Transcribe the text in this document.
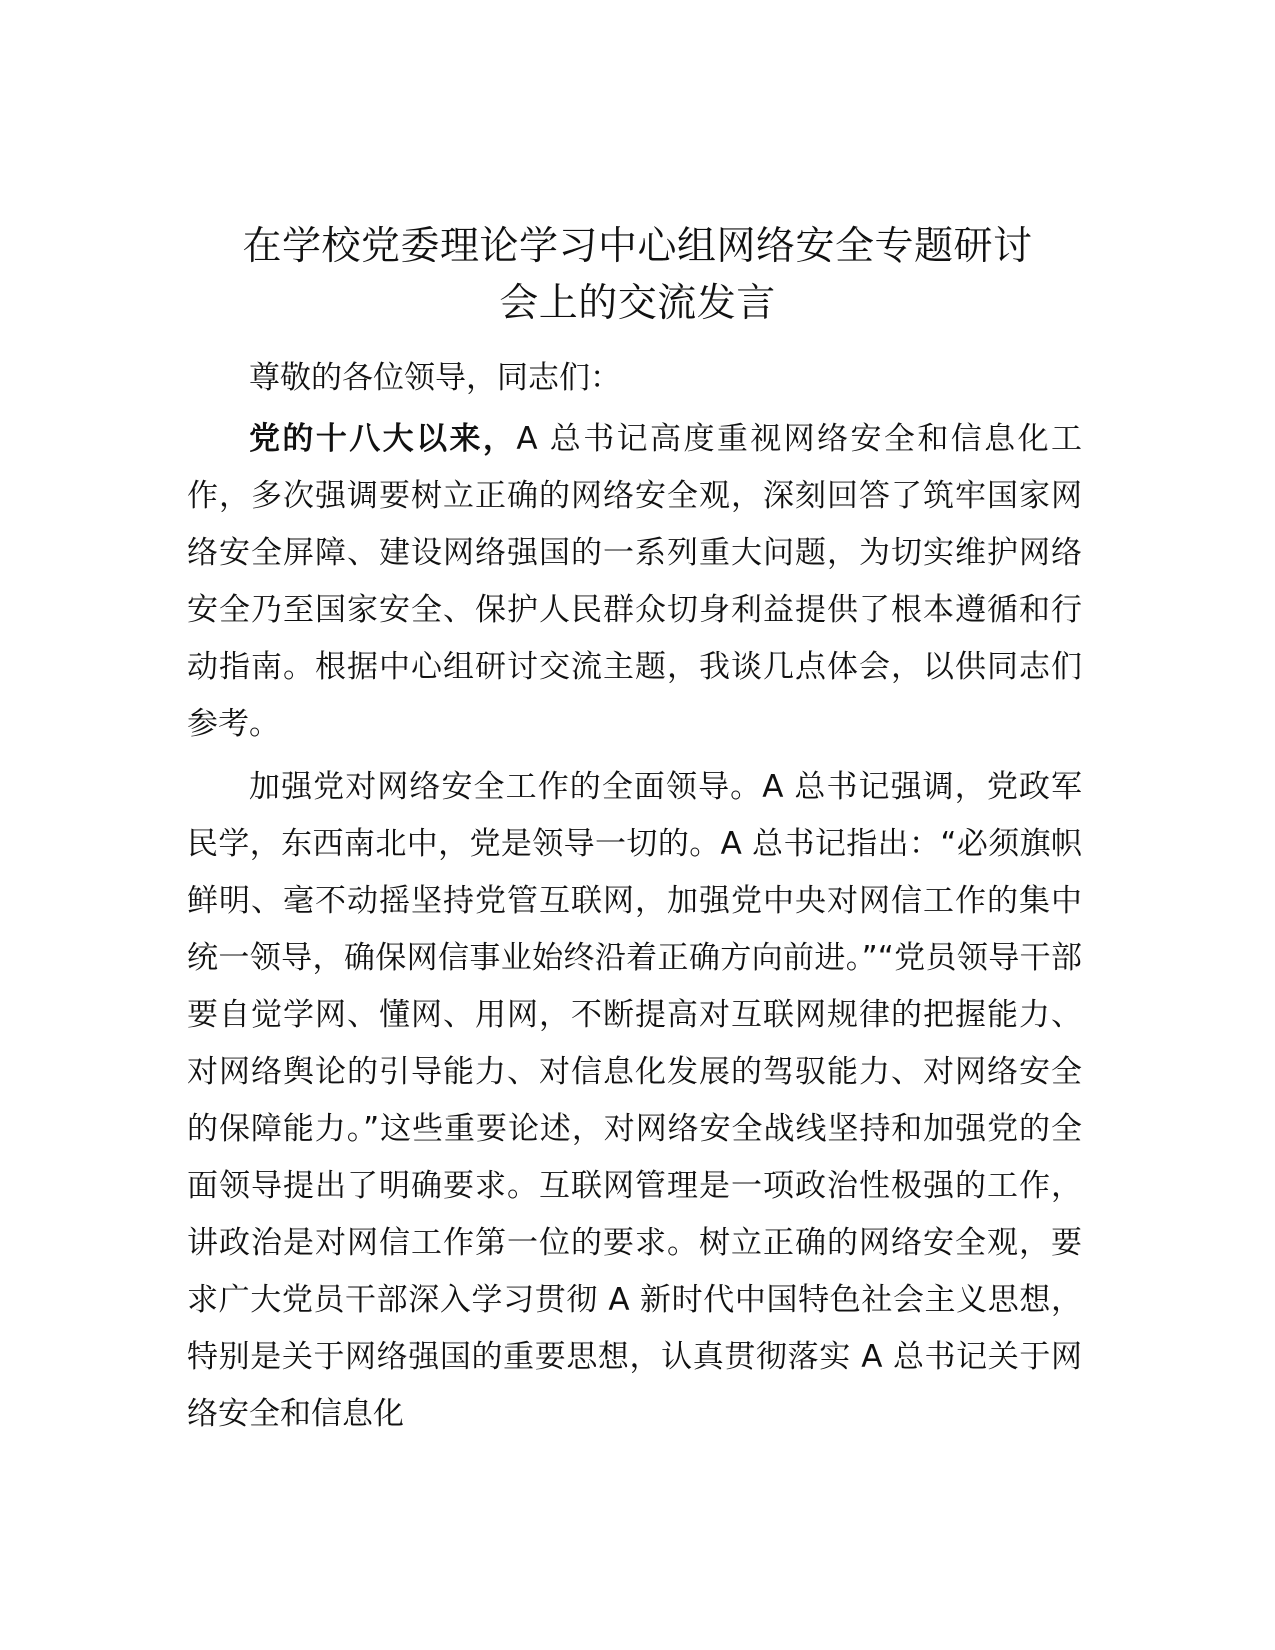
在学校党委理论学习中心组网络安全专题研讨
会上的交流发言

尊敬的各位领导，同志们：

党的十八大以来，A 总书记高度重视网络安全和信息化工作，多次强调要树立正确的网络安全观，深刻回答了筑牢国家网络安全屏障、建设网络强国的一系列重大问题，为切实维护网络安全乃至国家安全、保护人民群众切身利益提供了根本遵循和行动指南。根据中心组研讨交流主题，我谈几点体会，以供同志们参考。

加强党对网络安全工作的全面领导。A 总书记强调，党政军民学，东西南北中，党是领导一切的。A 总书记指出：“必须旗帜鲜明、毫不动摇坚持党管互联网，加强党中央对网信工作的集中统一领导，确保网信事业始终沿着正确方向前进。”“党员领导干部要自觉学网、懂网、用网，不断提高对互联网规律的把握能力、对网络舆论的引导能力、对信息化发展的驾驭能力、对网络安全的保障能力。”这些重要论述，对网络安全战线坚持和加强党的全面领导提出了明确要求。互联网管理是一项政治性极强的工作，讲政治是对网信工作第一位的要求。树立正确的网络安全观，要求广大党员干部深入学习贯彻 A 新时代中国特色社会主义思想，特别是关于网络强国的重要思想，认真贯彻落实 A 总书记关于网络安全和信息化
